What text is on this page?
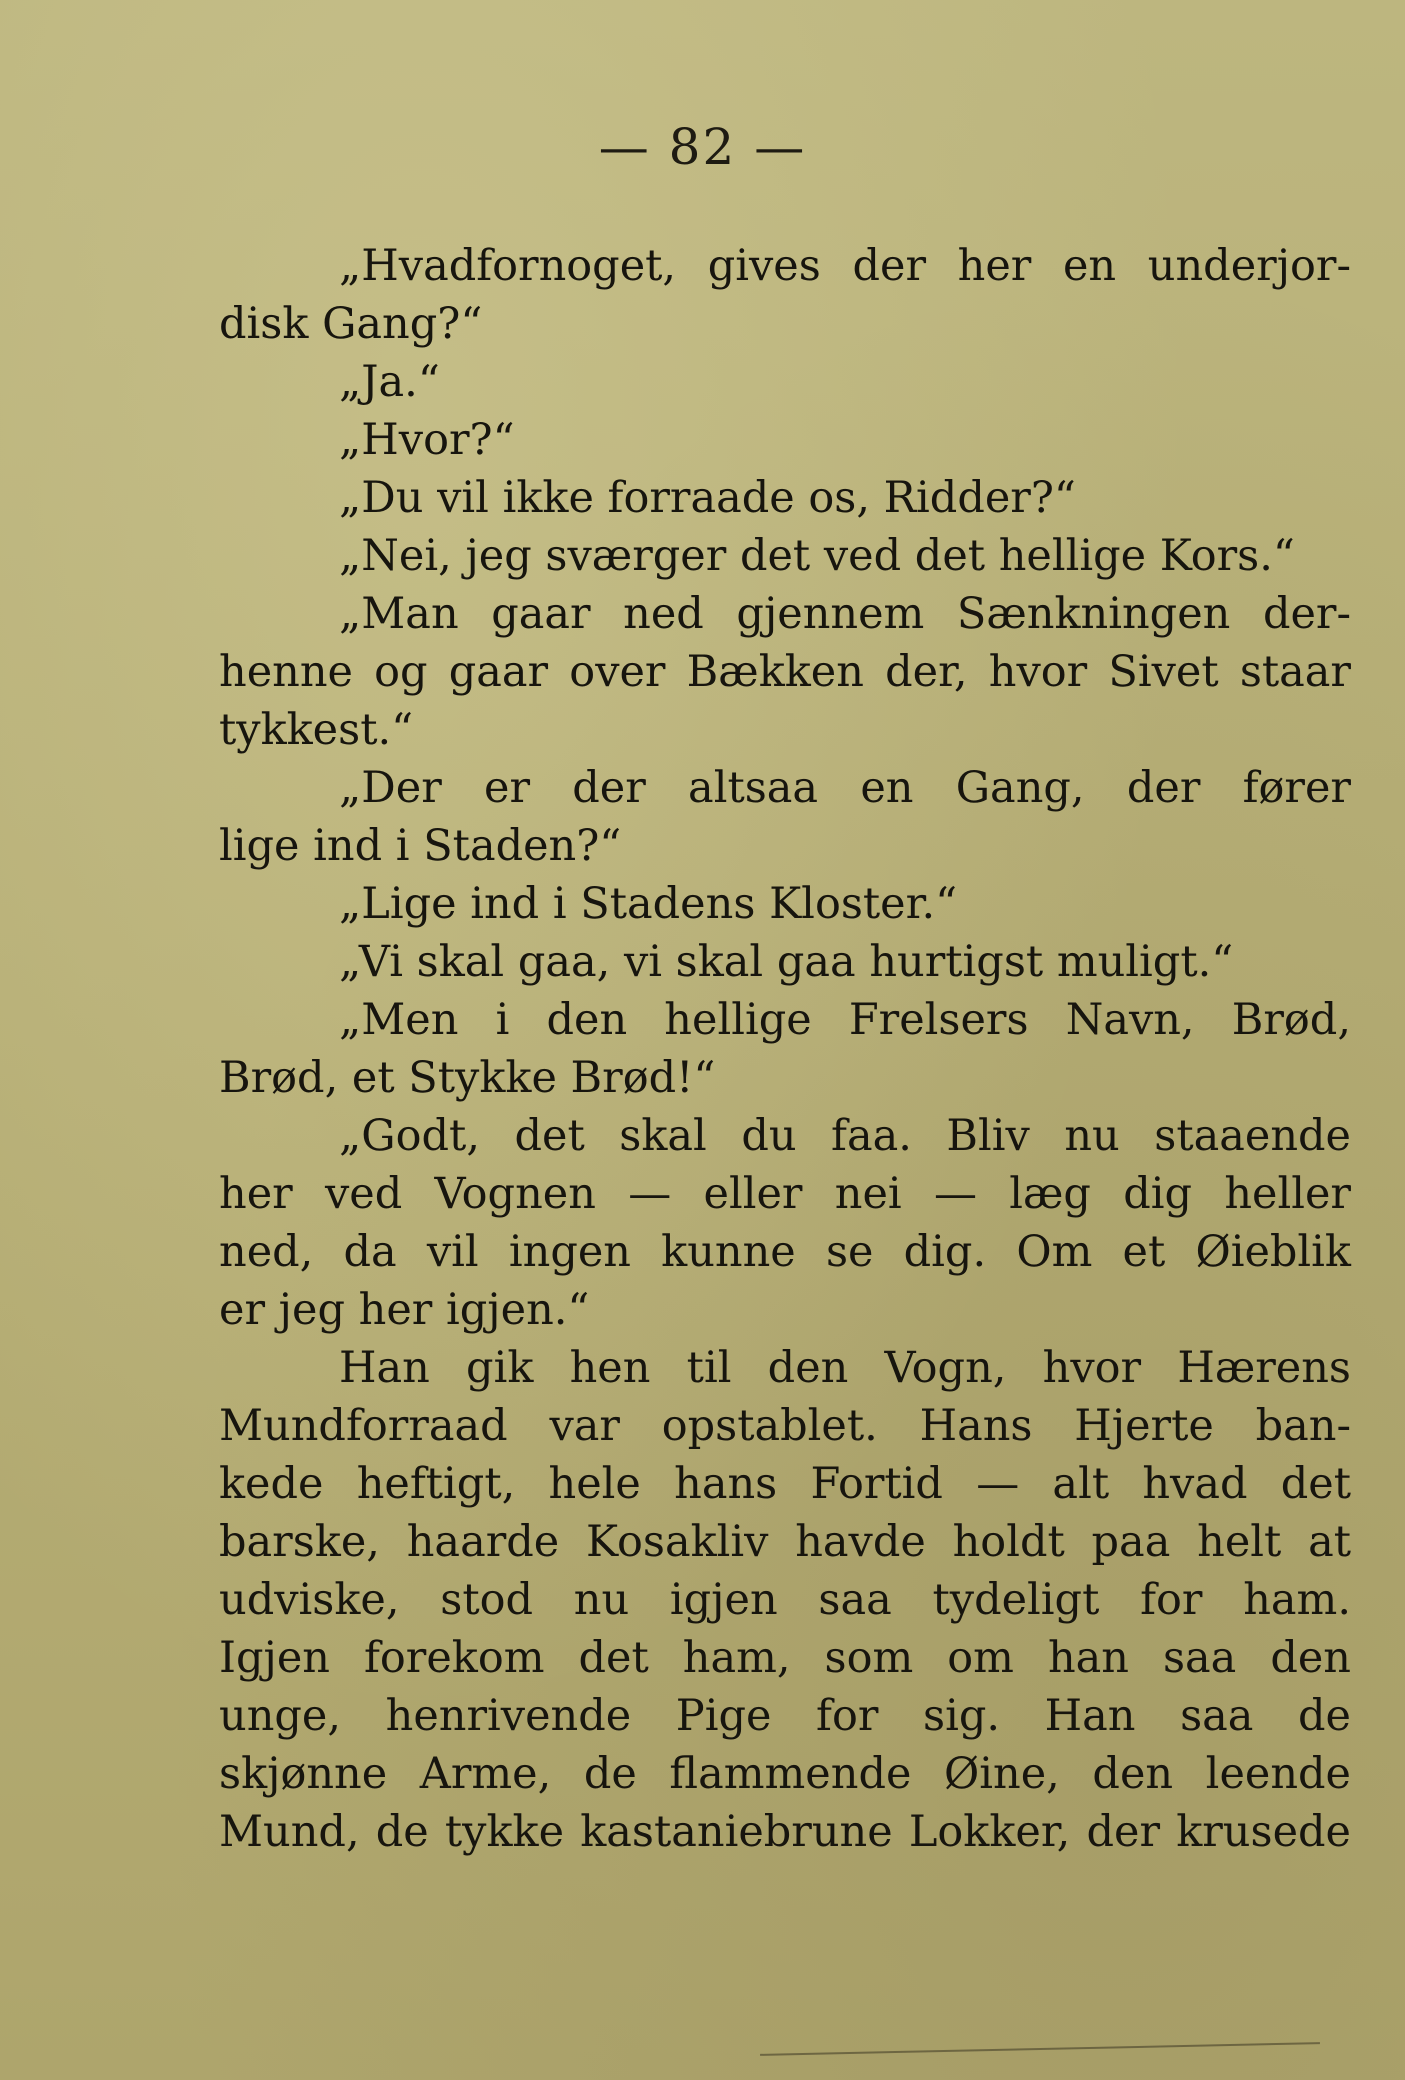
— 82 —
„Hvadfornoget, gives der her en underjor-
disk Gang?“
„Ja.“
„Hvor?“
„Du vil ikke forraade os, Ridder?“
„Nei, jeg sværger det ved det hellige Kors.“
„Man gaar ned gjennem Sænkningen der-
henne og gaar over Bækken der, hvor Sivet staar
tykkest.“
„Der er der altsaa en Gang, der fører
lige ind i Staden?“
„Lige ind i Stadens Kloster.“
„Vi skal gaa, vi skal gaa hurtigst muligt.“
„Men i den hellige Frelsers Navn, Brød,
Brød, et Stykke Brød!“
„Godt, det skal du faa. Bliv nu staaende
her ved Vognen — eller nei — læg dig heller
ned, da vil ingen kunne se dig. Om et Øieblik
er jeg her igjen.“
Han gik hen til den Vogn, hvor Hærens
Mundforraad var opstablet. Hans Hjerte ban-
kede heftigt, hele hans Fortid — alt hvad det
barske, haarde Kosakliv havde holdt paa helt at
udviske, stod nu igjen saa tydeligt for ham.
Igjen forekom det ham, som om han saa den
unge, henrivende Pige for sig. Han saa de
skjønne Arme, de flammende Øine, den leende
Mund, de tykke kastaniebrune Lokker, der krusede
